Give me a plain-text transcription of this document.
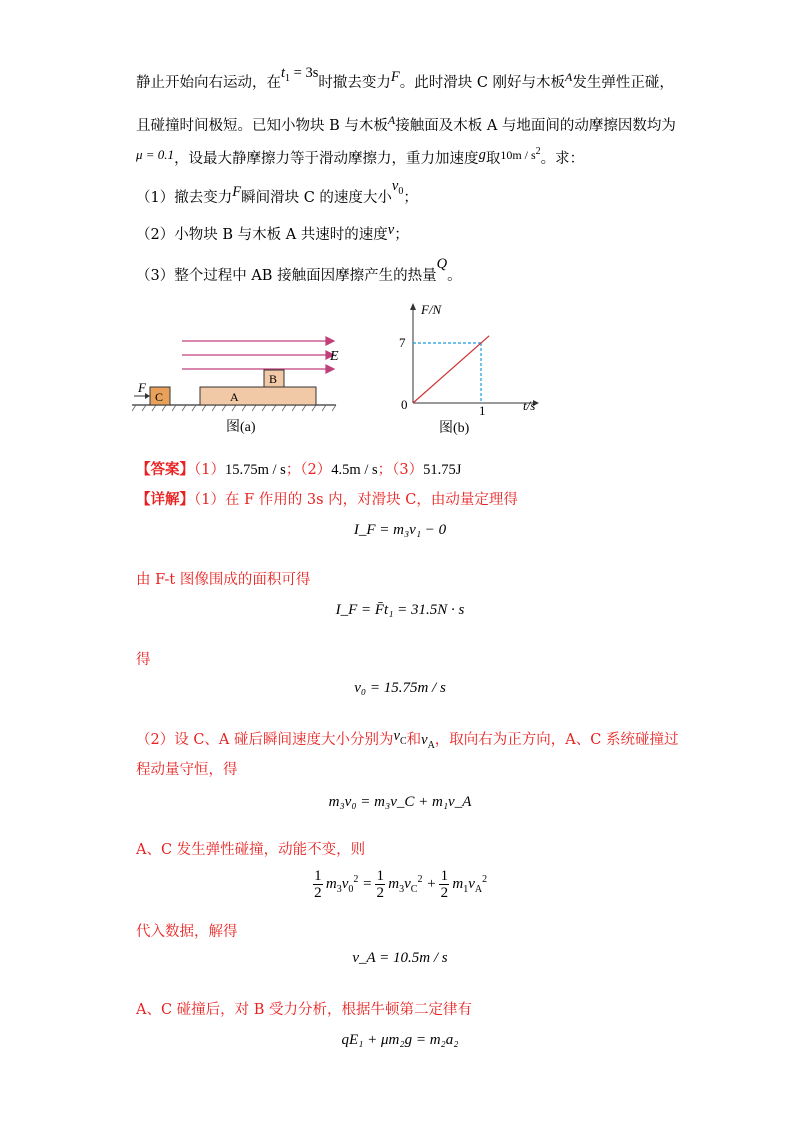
静止开始向右运动，在$t_1 = 3s$时撤去变力F。此时滑块 C 刚好与木板$^A$发生弹性正碰，
且碰撞时间极短。已知小物块 B 与木板$^A$接触面及木板 A 与地面间的动摩擦因数均为
μ = 0.1，设最大静摩擦力等于滑动摩擦力，重力加速度g取$^{10m / s^2}$。求：
（1）撤去变力F瞬间滑块 C 的速度大小$v_0$；
（2）小物块 B 与木板 A 共速时的速度v；
（3）整个过程中 AB 接触面因摩擦产生的热量Q。
E
C
F
A
B
图(a)
F/N
t/s
7
1
0
图(b)
【答案】（1）15.75m / s；（2）4.5m / s；（3）51.75J
【详解】（1）在 F 作用的 3s 内，对滑块 C，由动量定理得
I_F = m₃v₁ − 0
由 F-t 图像围成的面积可得
I_F = F̄t₁ = 31.5N · s
得
v₀ = 15.75m / s
（2）设 C、A 碰后瞬间速度大小分别为$v_C$和$v_A$，取向右为正方向，A、C 系统碰撞过
程动量守恒，得
m₃v₀ = m₃v_C + m₁v_A
A、C 发生弹性碰撞，动能不变，则
1
2
$m_3v_0^2 = 1$
2
$m_3v_C^2 + 1$
2
$m_1v_A^2$
代入数据，解得
v_A = 10.5m / s
A、C 碰撞后，对 B 受力分析，根据牛顿第二定律有
qE₁ + μm₂g = m₂a₂
